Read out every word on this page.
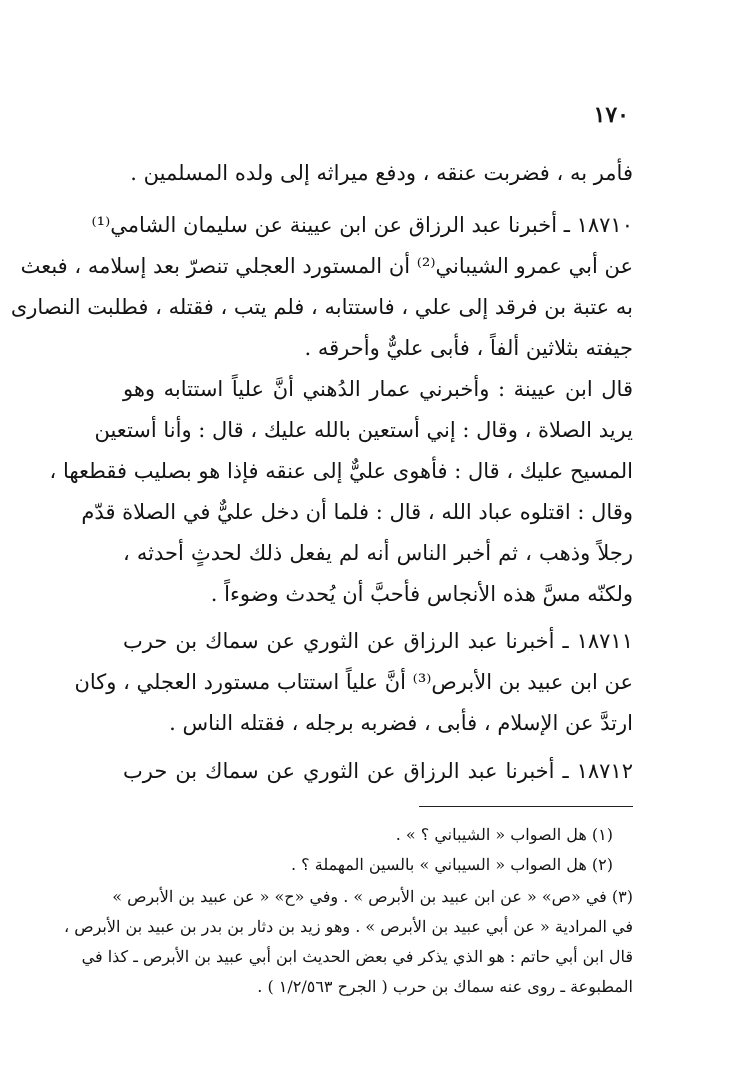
١٧٠
فأمر به ، فضربت عنقه ، ودفع ميراثه إلى ولده المسلمين .
١٨٧١٠ ـ أخبرنا عبد الرزاق عن ابن عيينة عن سليمان الشامي⁽¹⁾
عن أبي عمرو الشيباني⁽²⁾ أن المستورد العجلي تنصرّ بعد إسلامه ، فبعث
به عتبة بن فرقد إلى علي ، فاستتابه ، فلم يتب ، فقتله ، فطلبت النصارى
جيفته بثلاثين ألفاً ، فأبى عليٌّ وأحرقه .
قال ابن عيينة : وأخبرني عمار الدُهني أنَّ علياً استتابه وهو
يريد الصلاة ، وقال : إني أستعين بالله عليك ، قال : وأنا أستعين
المسيح عليك ، قال : فأهوى عليٌّ إلى عنقه فإذا هو بصليب فقطعها ،
وقال : اقتلوه عباد الله ، قال : فلما أن دخل عليٌّ في الصلاة قدّم
رجلاً وذهب ، ثم أخبر الناس أنه لم يفعل ذلك لحدثٍ أحدثه ،
ولكنّه مسَّ هذه الأنجاس فأحبَّ أن يُحدث وضوءاً .
١٨٧١١ ـ أخبرنا عبد الرزاق عن الثوري عن سماك بن حرب
عن ابن عبيد بن الأبرص⁽³⁾ أنَّ علياً استتاب مستورد العجلي ، وكان
ارتدَّ عن الإسلام ، فأبى ، فضربه برجله ، فقتله الناس .
١٨٧١٢ ـ أخبرنا عبد الرزاق عن الثوري عن سماك بن حرب
(١) هل الصواب « الشيباني ؟ » .
(٢) هل الصواب « السيباني » بالسين المهملة ؟ .
(٣) في «ص» « عن ابن عبيد بن الأبرص » . وفي «ح» « عن عبيد بن الأبرص »
في المرادية « عن أبي عبيد بن الأبرص » . وهو زيد بن دثار بن بدر بن عبيد بن الأبرص ،
قال ابن أبي حاتم : هو الذي يذكر في بعض الحديث ابن أبي عبيد بن الأبرص ـ كذا في
المطبوعة ـ روى عنه سماك بن حرب ( الجرح ١/٢/٥٦٣ ) .
